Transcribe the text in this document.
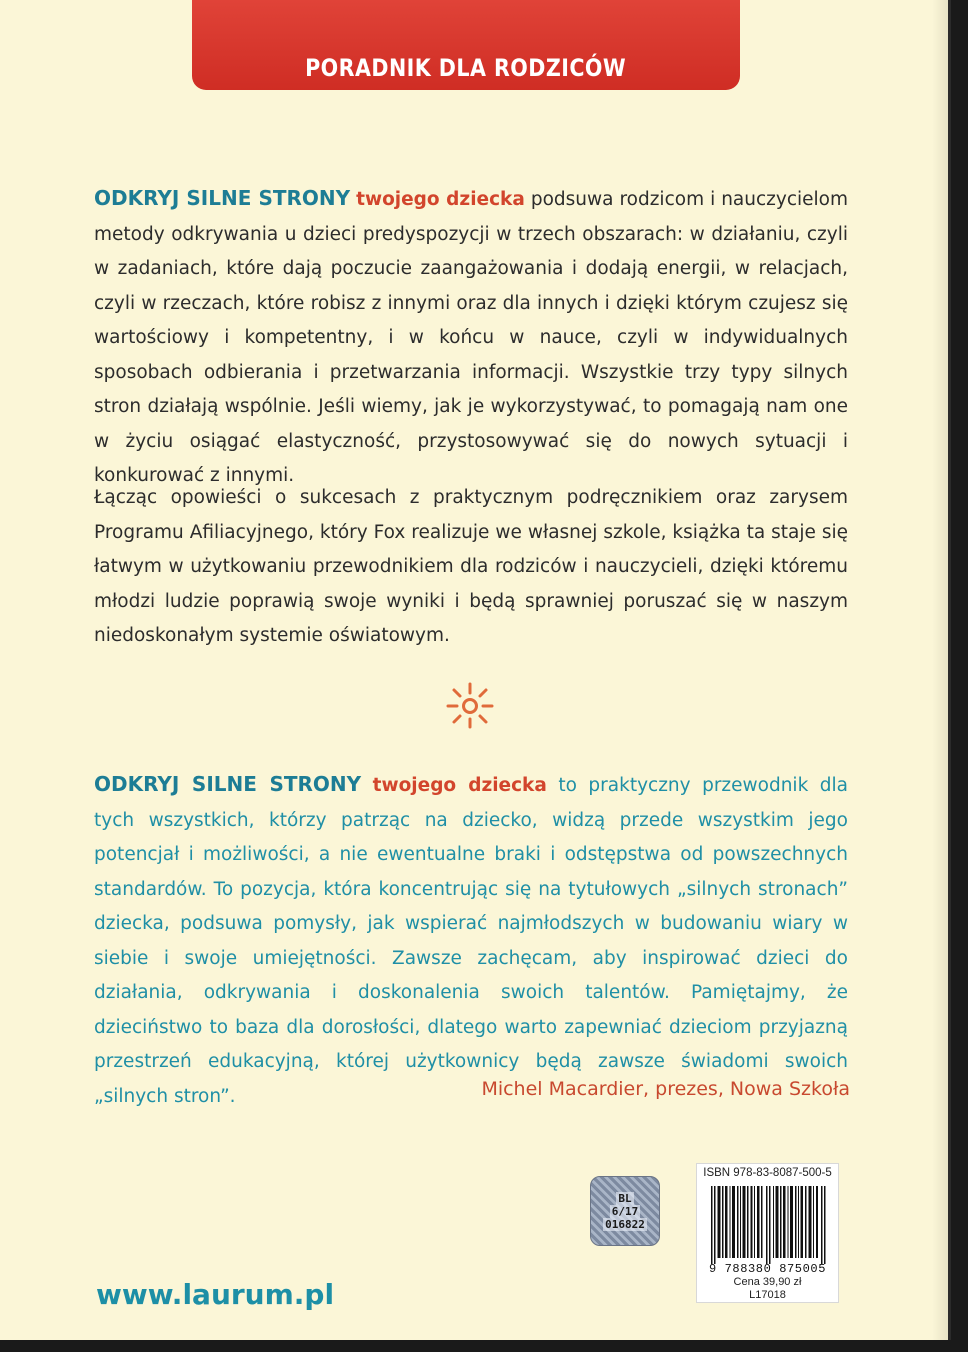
PORADNIK DLA RODZICÓW

ODKRYJ SILNE STRONY twojego dziecka podsuwa rodzicom i nauczycielom metody odkrywania u dzieci predyspozycji w trzech obszarach: w działaniu, czyli w zadaniach, które dają poczucie zaangażowania i dodają energii, w relacjach, czyli w rzeczach, które robisz z innymi oraz dla innych i dzięki którym czujesz się wartościowy i kompetentny, i w końcu w nauce, czyli w indywidualnych sposobach odbierania i przetwarzania informacji. Wszystkie trzy typy silnych stron działają wspólnie. Jeśli wiemy, jak je wykorzystywać, to pomagają nam one w życiu osiągać elastyczność, przystosowywać się do nowych sytuacji i konkurować z innymi.

Łącząc opowieści o sukcesach z praktycznym podręcznikiem oraz zarysem Programu Afiliacyjnego, który Fox realizuje we własnej szkole, książka ta staje się łatwym w użytkowaniu przewodnikiem dla rodziców i nauczycieli, dzięki któremu młodzi ludzie poprawią swoje wyniki i będą sprawniej poruszać się w naszym niedoskonałym systemie oświatowym.

ODKRYJ SILNE STRONY twojego dziecka to praktyczny przewodnik dla tych wszystkich, którzy patrząc na dziecko, widzą przede wszystkim jego potencjał i możliwości, a nie ewentualne braki i odstępstwa od powszechnych standardów. To pozycja, która koncentrując się na tytułowych „silnych stronach” dziecka, podsuwa pomysły, jak wspierać najmłodszych w budowaniu wiary w siebie i swoje umiejętności. Zawsze zachęcam, aby inspirować dzieci do działania, odkrywania i doskonalenia swoich talentów. Pamiętajmy, że dzieciństwo to baza dla dorosłości, dlatego warto zapewniać dzieciom przyjazną przestrzeń edukacyjną, której użytkownicy będą zawsze świadomi swoich „silnych stron”.	Michel Macardier, prezes, Nowa Szkoła

www.laurum.pl

BL
6/17
016822

ISBN 978-83-8087-500-5

9 788380 875005

Cena 39,90 zł

L17018
